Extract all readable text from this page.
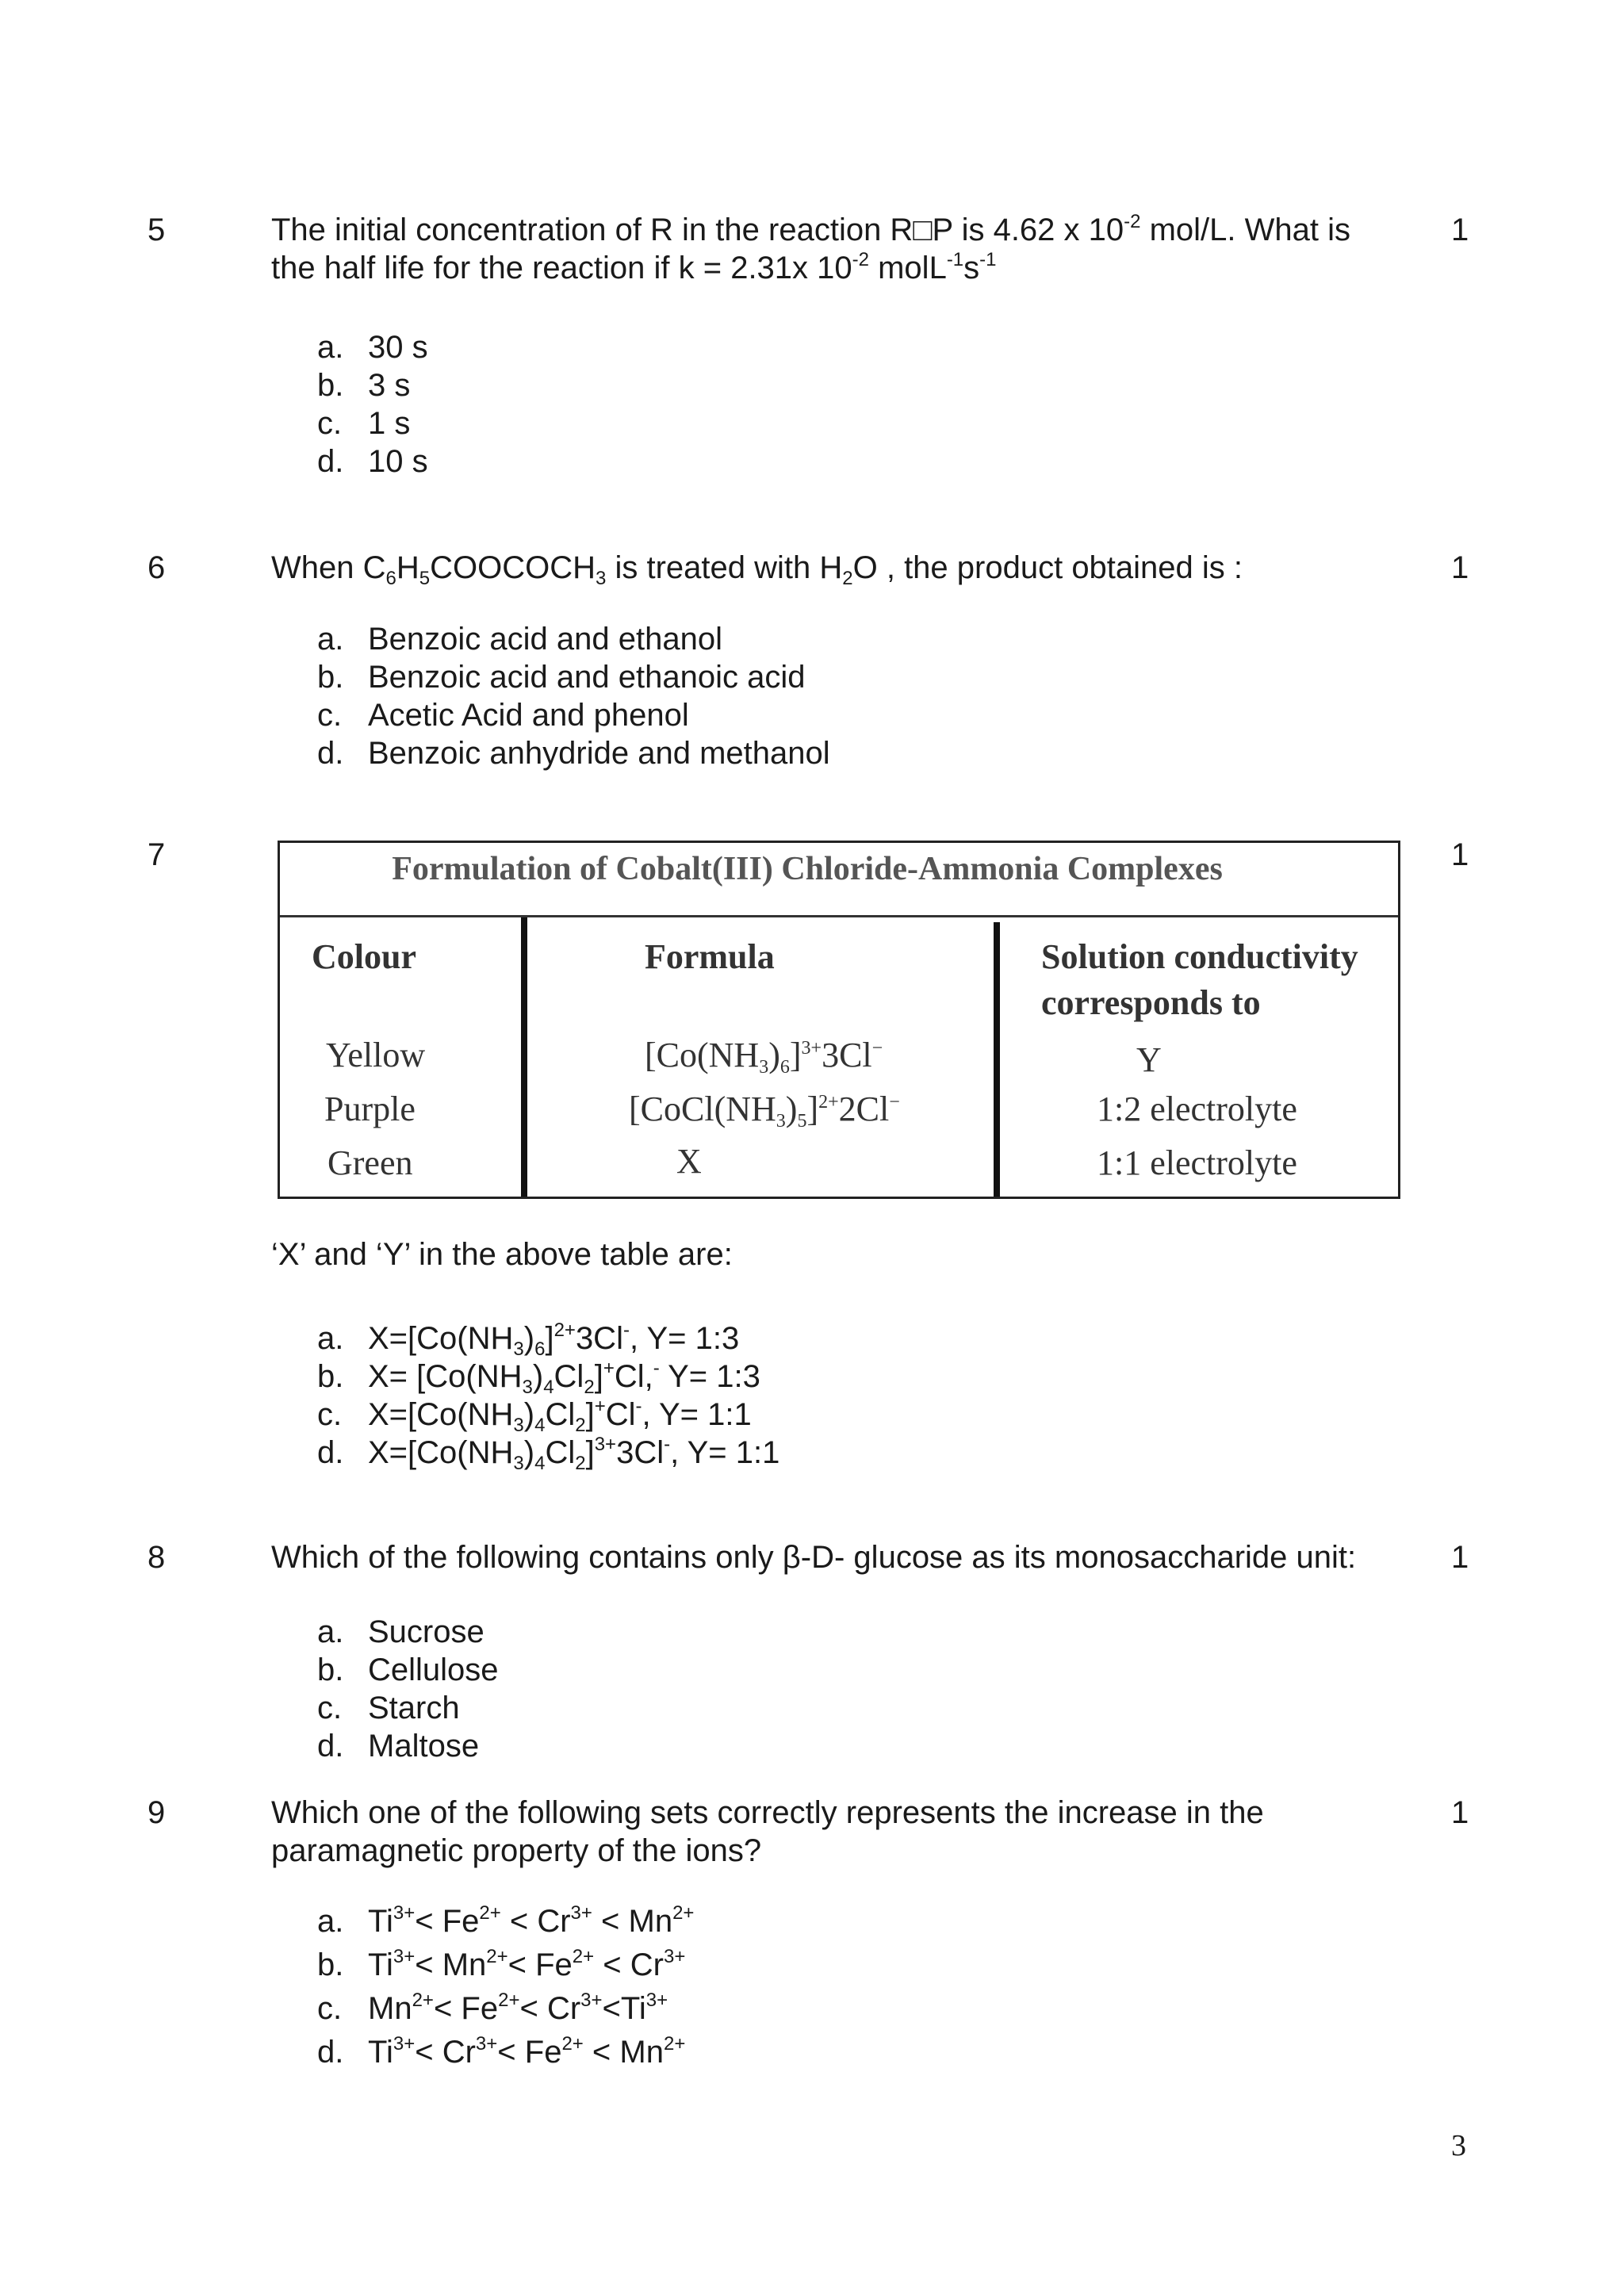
5	1
The initial concentration of R in the reaction R□P is 4.62 x $10^{-2}$ mol/L. What is
the half life for the reaction if k = 2.31x $10^{-2}$ $molL^{-1}s^{-1}$
a. 30 s
b. 3 s
c. 1 s
d. 10 s
6	1
When $C_6H_5COOCOCH_3$ is treated with $H_2O$ , the product obtained is :
a. Benzoic acid and ethanol
b. Benzoic acid and ethanoic acid
c. Acetic Acid and phenol
d. Benzoic anhydride and methanol
7	1
Formulation of Cobalt(III) Chloride-Ammonia Complexes
Colour	Formula	Solution conductivity
corresponds to
Yellow	$[Co(NH_3)_6]^{3+}3Cl^-$	Y
Purple	$[CoCl(NH_3)_5]^{2+}2Cl^-$	1:2 electrolyte
Green	X	1:1 electrolyte
‘X’ and ‘Y’ in the above table are:
a. $X=[Co(NH_3)_6]^{2+}3Cl^-$, Y= 1:3
b. $X= [Co(NH_3)_4Cl_2]^+Cl,^-$ Y= 1:3
c. $X=[Co(NH_3)_4Cl_2]^+Cl^-$, Y= 1:1
d. $X=[Co(NH_3)_4Cl_2]^{3+}3Cl^-$, Y= 1:1
8	1
Which of the following contains only β-D- glucose as its monosaccharide unit:
a. Sucrose
b. Cellulose
c. Starch
d. Maltose
9	1
Which one of the following sets correctly represents the increase in the
paramagnetic property of the ions?
a. $Ti^{3+}< Fe^{2+} < Cr^{3+} < Mn^{2+}$
b. $Ti^{3+}< Mn^{2+}< Fe^{2+} < Cr^{3+}$
c. $Mn^{2+}< Fe^{2+}< Cr^{3+}<Ti^{3+}$
d. $Ti^{3+}< Cr^{3+}< Fe^{2+} < Mn^{2+}$
3
